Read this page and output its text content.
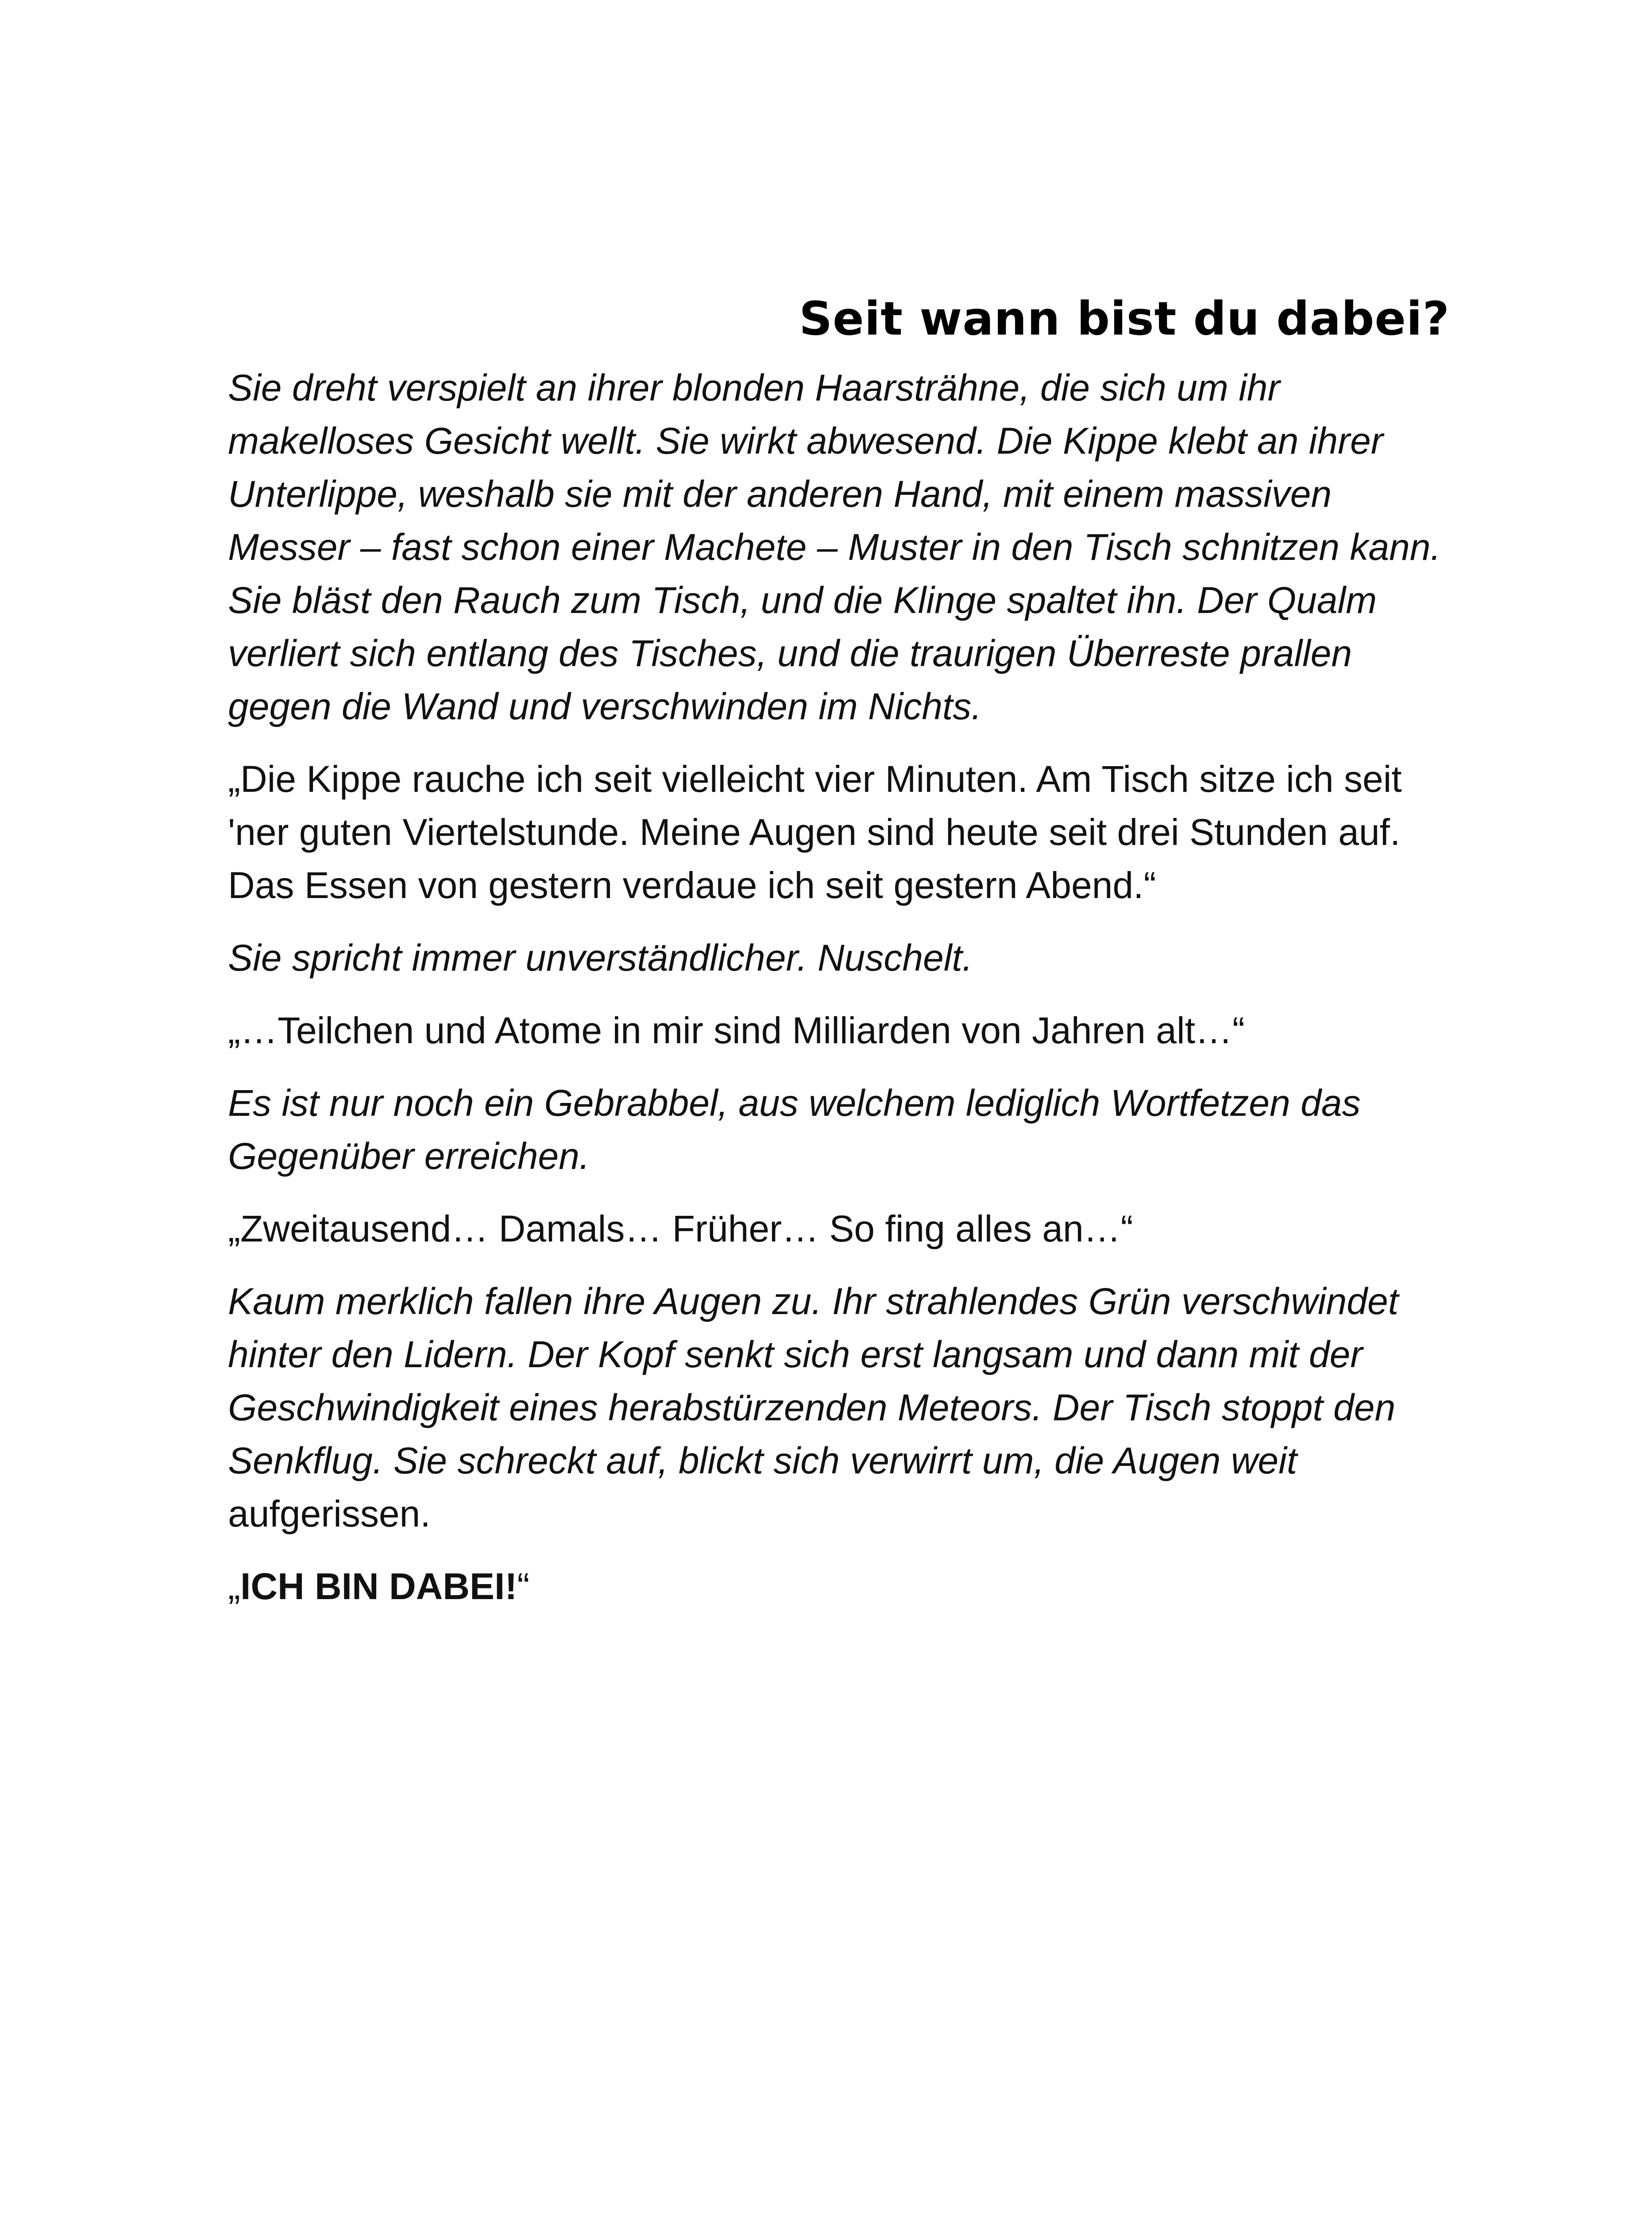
Seit wann bist du dabei?

Sie dreht verspielt an ihrer blonden Haarsträhne, die sich um ihr makelloses Gesicht wellt. Sie wirkt abwesend. Die Kippe klebt an ihrer Unterlippe, weshalb sie mit der anderen Hand, mit einem massiven Messer – fast schon einer Machete – Muster in den Tisch schnitzen kann. Sie bläst den Rauch zum Tisch, und die Klinge spaltet ihn. Der Qualm verliert sich entlang des Tisches, und die traurigen Überreste prallen gegen die Wand und verschwinden im Nichts.

„Die Kippe rauche ich seit vielleicht vier Minuten. Am Tisch sitze ich seit 'ner guten Viertelstunde. Meine Augen sind heute seit drei Stunden auf. Das Essen von gestern verdaue ich seit gestern Abend.“

Sie spricht immer unverständlicher. Nuschelt.

„…Teilchen und Atome in mir sind Milliarden von Jahren alt…“

Es ist nur noch ein Gebrabbel, aus welchem lediglich Wortfetzen das Gegenüber erreichen.

„Zweitausend… Damals… Früher… So fing alles an…“

Kaum merklich fallen ihre Augen zu. Ihr strahlendes Grün verschwindet hinter den Lidern. Der Kopf senkt sich erst langsam und dann mit der Geschwindigkeit eines herabstürzenden Meteors. Der Tisch stoppt den Senkflug. Sie schreckt auf, blickt sich verwirrt um, die Augen weit aufgerissen.

„ICH BIN DABEI!“
